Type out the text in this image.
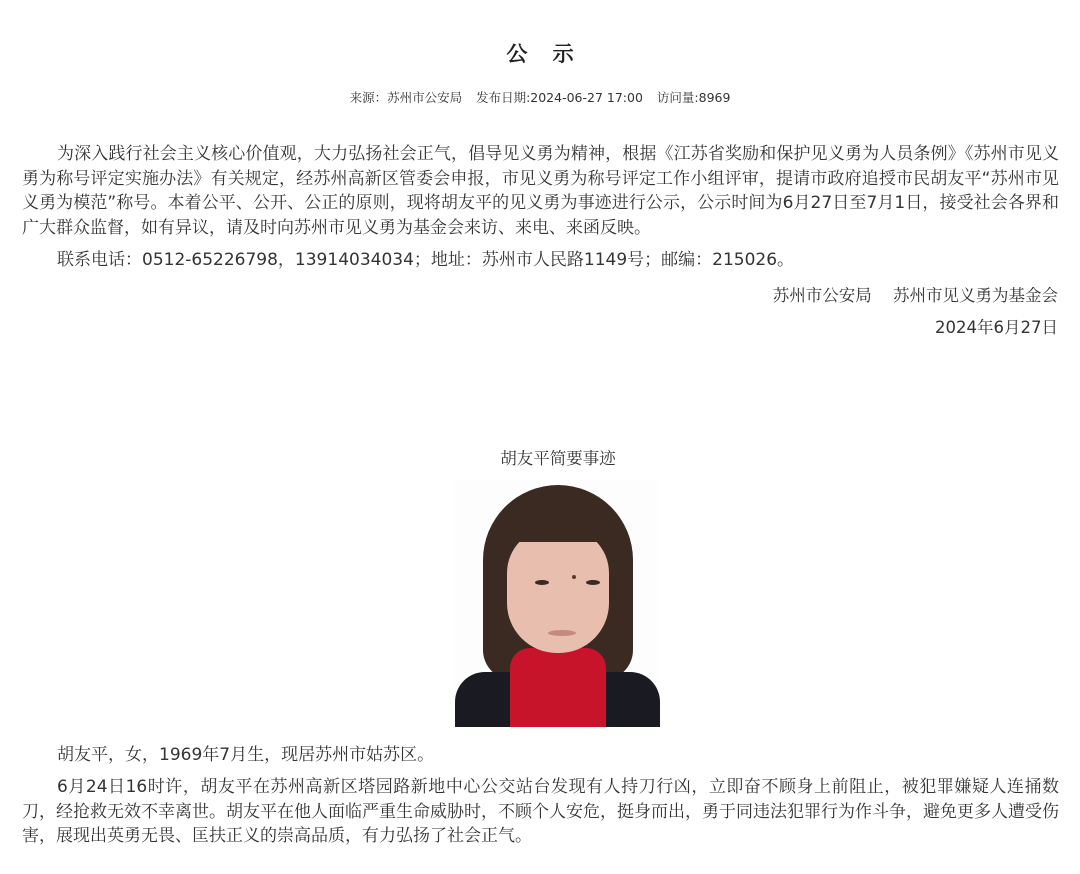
公 示
来源：苏州市公安局 发布日期:2024-06-27 17:00 访问量:8969

为深入践行社会主义核心价值观，大力弘扬社会正气，倡导见义勇为精神，根据《江苏省奖励和保护见义勇为人员条例》《苏州市见义勇为称号评定实施办法》有关规定，经苏州高新区管委会申报，市见义勇为称号评定工作小组评审，提请市政府追授市民胡友平“苏州市见义勇为模范”称号。本着公平、公开、公正的原则，现将胡友平的见义勇为事迹进行公示，公示时间为6月27日至7月1日，接受社会各界和广大群众监督，如有异议，请及时向苏州市见义勇为基金会来访、来电、来函反映。

联系电话：0512-65226798，13914034034；地址：苏州市人民路1149号；邮编：215026。

苏州市公安局 苏州市见义勇为基金会
2024年6月27日
胡友平简要事迹

胡友平，女，1969年7月生，现居苏州市姑苏区。

6月24日16时许，胡友平在苏州高新区塔园路新地中心公交站台发现有人持刀行凶，立即奋不顾身上前阻止，被犯罪嫌疑人连捅数刀，经抢救无效不幸离世。胡友平在他人面临严重生命威胁时，不顾个人安危，挺身而出，勇于同违法犯罪行为作斗争，避免更多人遭受伤害，展现出英勇无畏、匡扶正义的崇高品质，有力弘扬了社会正气。
